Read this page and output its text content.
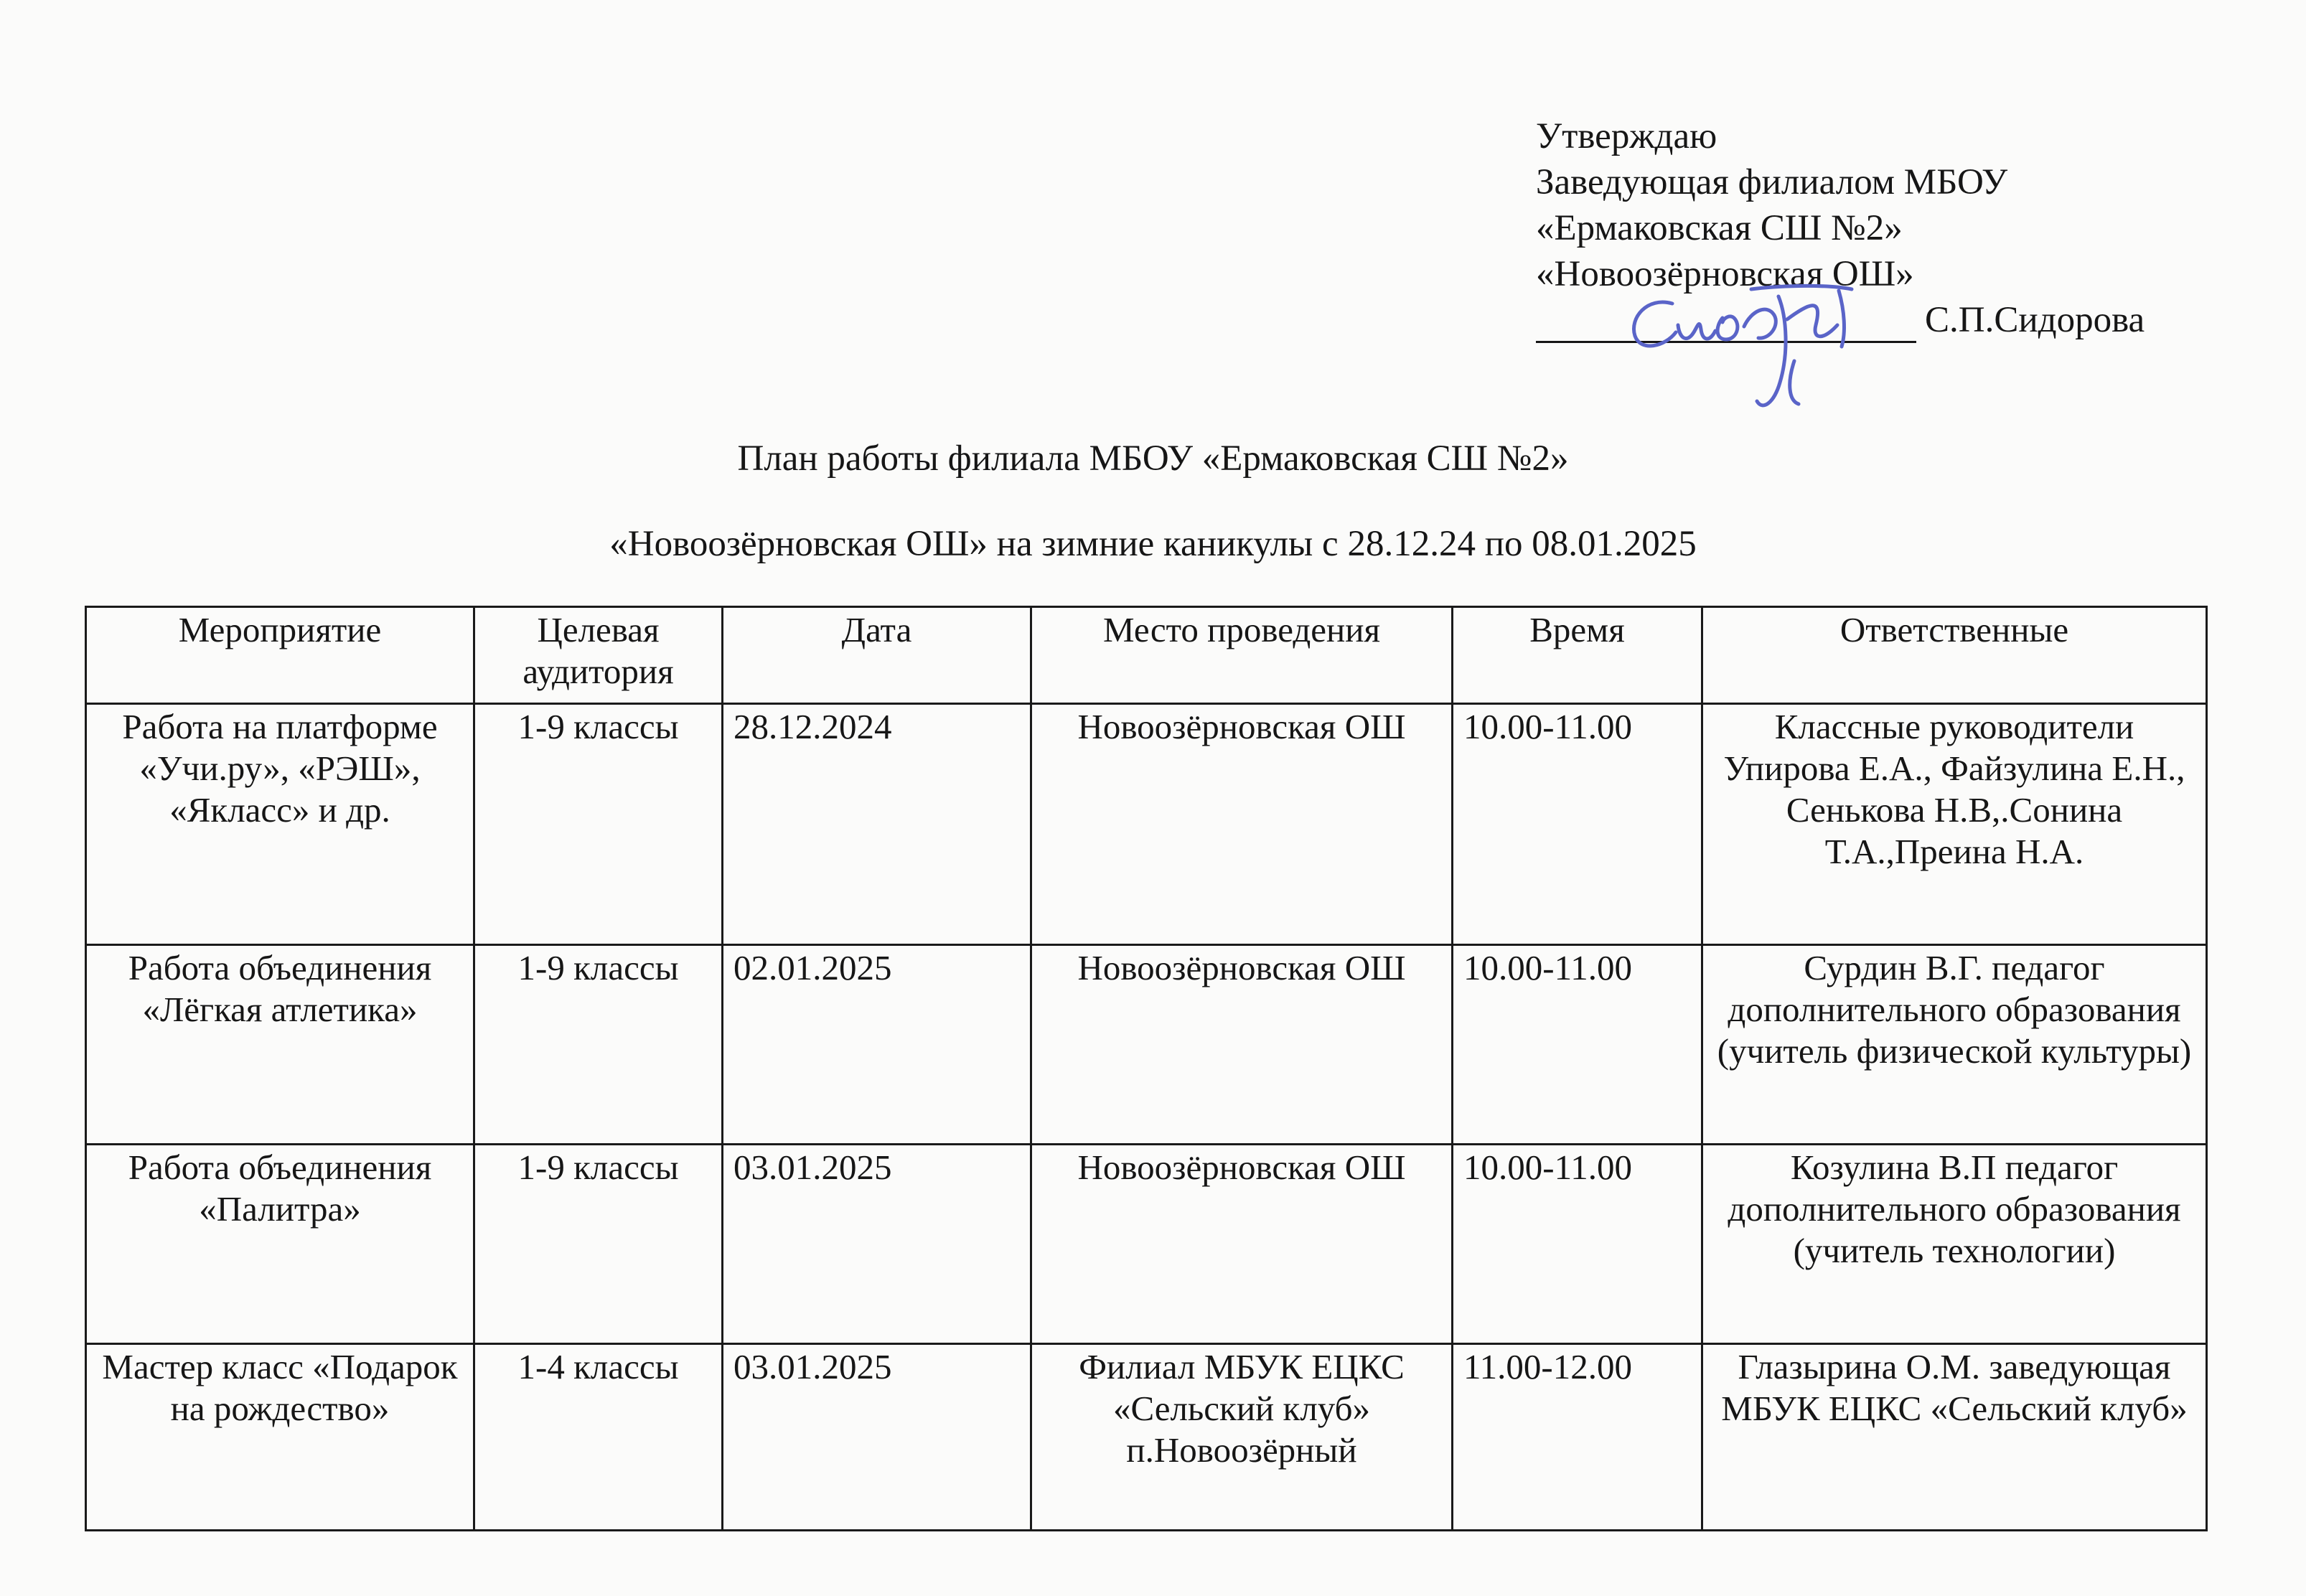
Утверждаю
Заведующая филиалом МБОУ
«Ермаковская СШ №2»
«Новоозёрновская ОШ»
С.П.Сидорова
План работы филиала МБОУ «Ермаковская СШ №2»
«Новоозёрновская ОШ» на зимние каникулы с 28.12.24 по 08.01.2025
Мероприятие	Целевая аудитория	Дата	Место проведения	Время	Ответственные
Работа на платформе «Учи.ру», «РЭШ», «Якласс» и др.	1-9 классы	28.12.2024	Новоозёрновская ОШ	10.00-11.00	Классные руководители Упирова Е.А., Файзулина Е.Н., Сенькова Н.В,.Сонина Т.А.,Преина Н.А.
Работа объединения «Лёгкая атлетика»	1-9 классы	02.01.2025	Новоозёрновская ОШ	10.00-11.00	Сурдин В.Г. педагог дополнительного образования (учитель физической культуры)
Работа объединения «Палитра»	1-9 классы	03.01.2025	Новоозёрновская ОШ	10.00-11.00	Козулина В.П педагог дополнительного образования (учитель технологии)
Мастер класс «Подарок на рождество»	1-4 классы	03.01.2025	Филиал МБУК ЕЦКС «Сельский клуб» п.Новоозёрный	11.00-12.00	Глазырина О.М. заведующая МБУК ЕЦКС «Сельский клуб»
